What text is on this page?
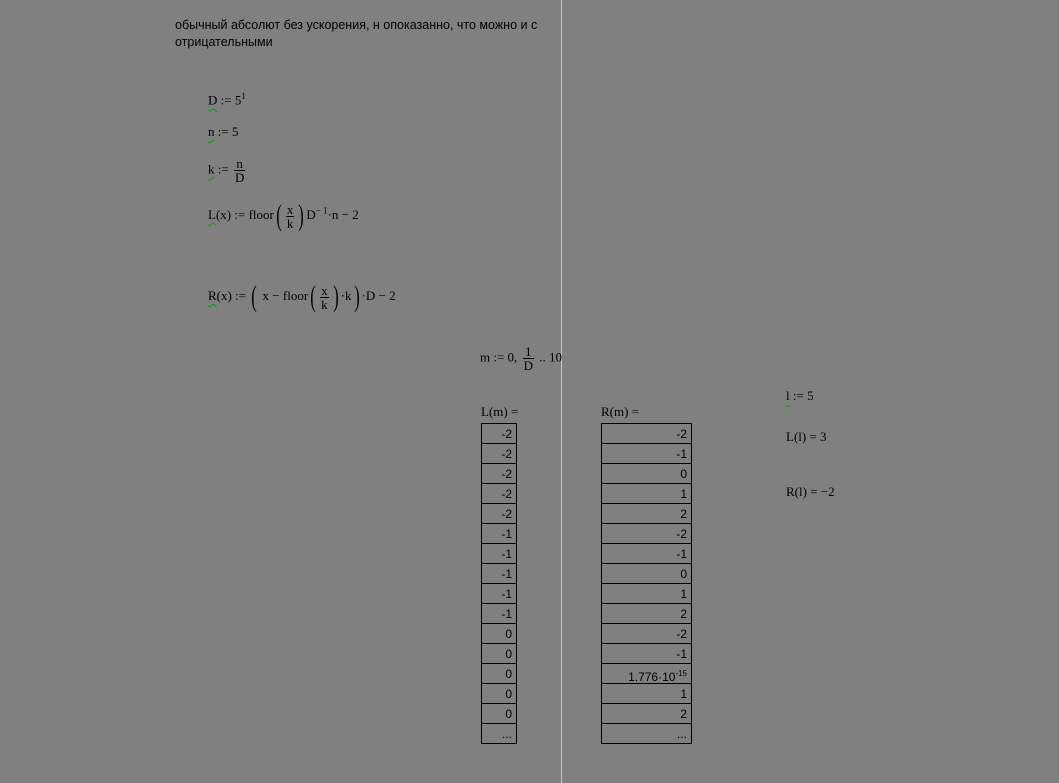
обычный абсолют без ускорения, н опоказанно, что можно и с отрицательными
D := $5^1$
n := 5
k := $\frac{n}{D}$
L(x) := floor( $\frac{x}{k}$ ) $D^{- 1}\cdot n - 2$
R(x) := ( x − floor( $\frac{x}{k}$ ) ·k) ·D − 2
m := 0, $\frac{1}{D}$ .. 10
L(m) =
-2
-2
-2
-2
-2
-1
-1
-1
-1
-1
0
0
0
0
0
...
R(m) =
-2
-1
0
1
2
-2
-1
0
1
2
-2
-1
$1.776\cdot 10^{-15}$
1
2
...
l := 5
L(l) = 3
R(l) = −2
